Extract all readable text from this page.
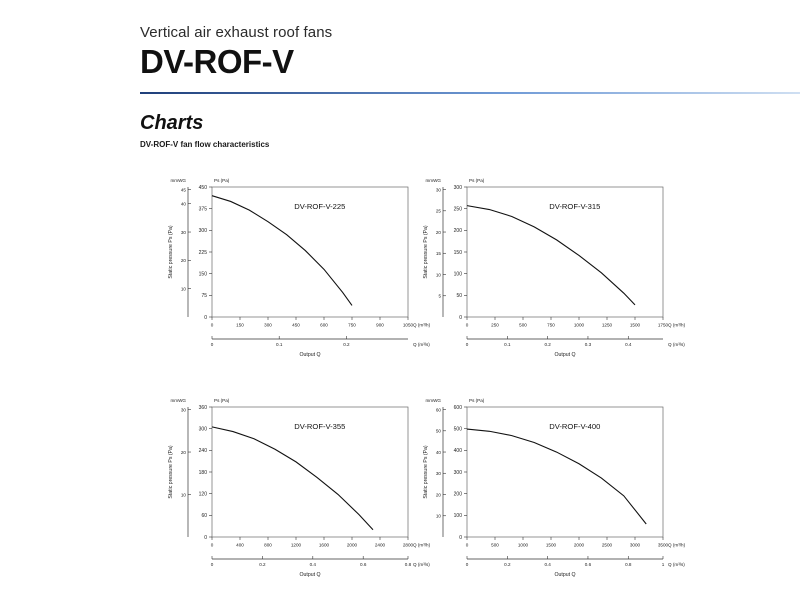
Vertical air exhaust roof fans
DV-ROF-V
Charts
DV-ROF-V fan flow characteristics
0
75
150
225
300
375
450
10
20
30
40
45
mmWG	Ps (Pa)
Static pressure Ps (Pa)
0	150	300	450	600	750	900	1050 Q (m³/h)
0	0.1	0.2	Q (m³/s)
Output Q
DV-ROF-V-225
0
50
100
150
200
250
300
5
10
15
20
25
30
mmWG	Ps (Pa)
Static pressure Ps (Pa)
0	250	500	750	1000	1250	1500	1750 Q (m³/h)
0	0.1	0.2	0.3	0.4	Q (m³/s)
Output Q
DV-ROF-V-315
0
60
120
180
240
300
360
10
20
30
mmWG	Ps (Pa)
Static pressure Ps (Pa)
0	400	800	1200	1600	2000	2400	2800 Q (m³/h)
0	0.2	0.4	0.6	0.8 Q (m³/s)
Output Q
DV-ROF-V-355
0
100
200
300
400
500
600
10
20
30
40
50
60
mmWG	Ps (Pa)
Static pressure Ps (Pa)
0	500	1000	1500	2000	2500	3000	3500 Q (m³/h)
0	0.2	0.4	0.6	0.8	1 Q (m³/s)
Output Q
DV-ROF-V-400
